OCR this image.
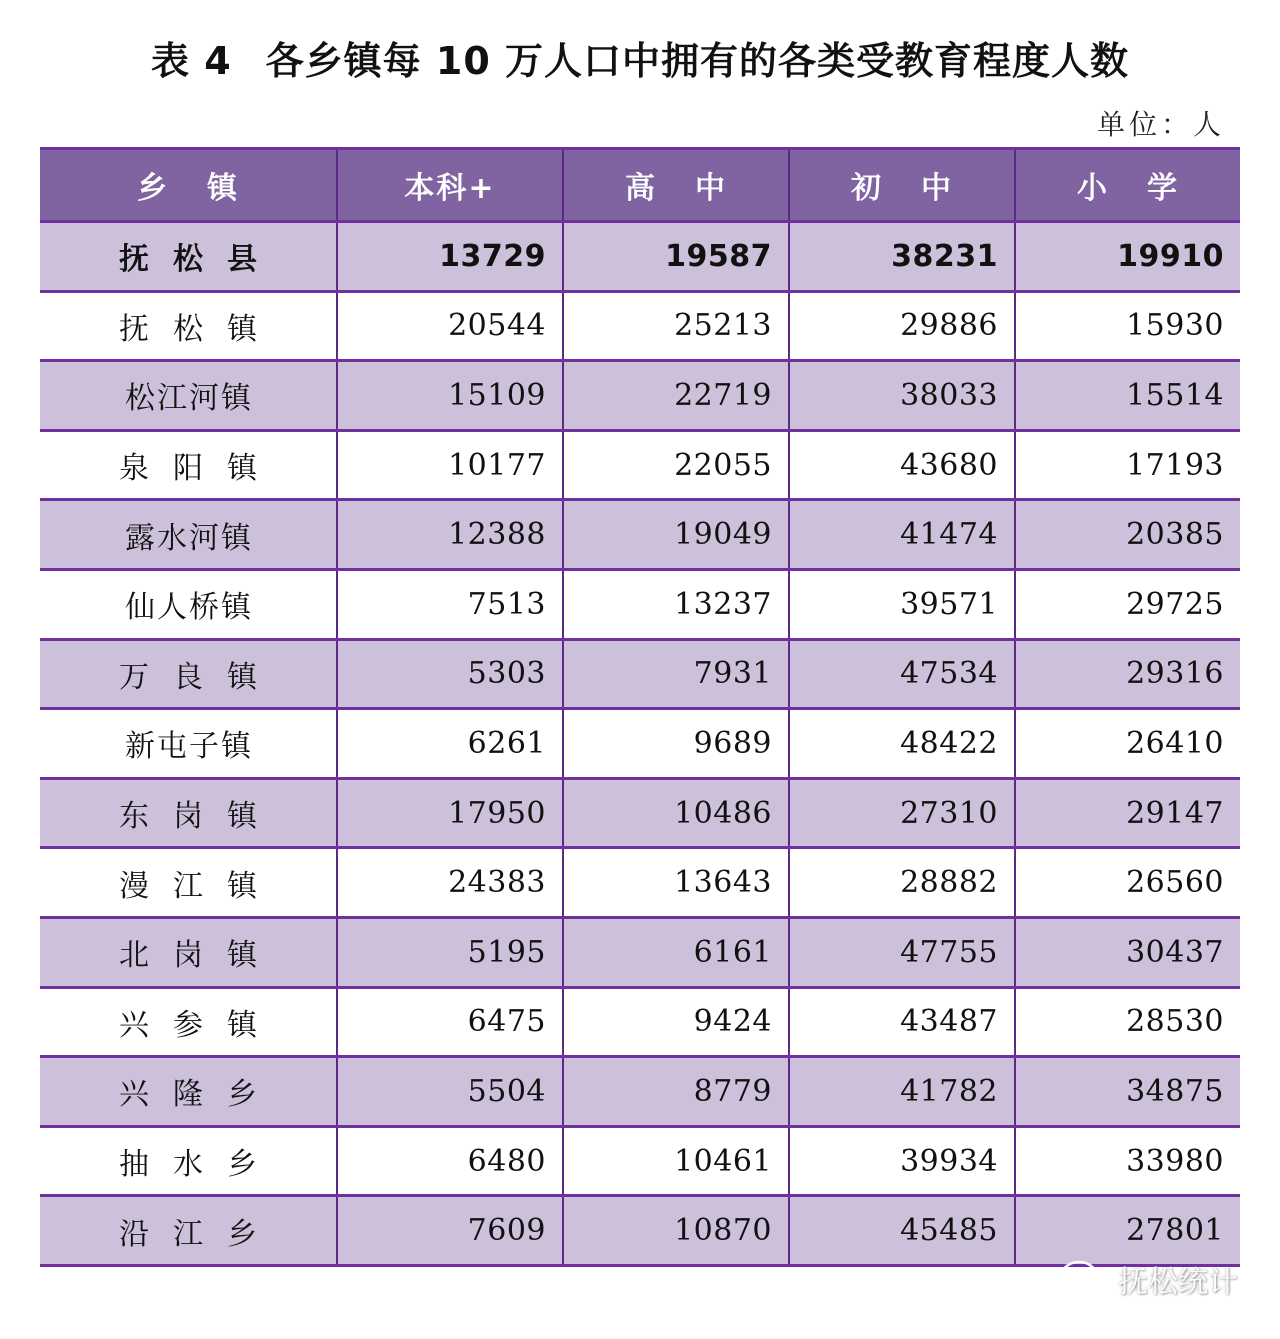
表 4 各乡镇每 10 万人口中拥有的各类受教育程度人数
单位：人
乡 镇	本科+	高 中	初 中	小 学
抚 松 县	13729	19587	38231	19910
抚 松 镇	20544	25213	29886	15930
松江河镇	15109	22719	38033	15514
泉 阳 镇	10177	22055	43680	17193
露水河镇	12388	19049	41474	20385
仙人桥镇	7513	13237	39571	29725
万 良 镇	5303	7931	47534	29316
新屯子镇	6261	9689	48422	26410
东 岗 镇	17950	10486	27310	29147
漫 江 镇	24383	13643	28882	26560
北 岗 镇	5195	6161	47755	30437
兴 参 镇	6475	9424	43487	28530
兴 隆 乡	5504	8779	41782	34875
抽 水 乡	6480	10461	39934	33980
沿 江 乡	7609	10870	45485	27801
抚松统计
